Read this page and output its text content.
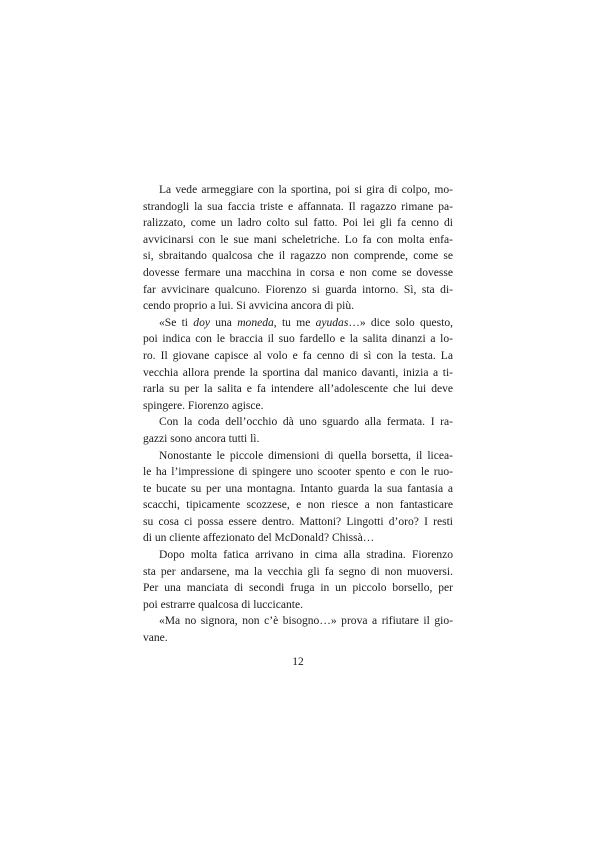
La vede armeggiare con la sportina, poi si gira di colpo, mo-
strandogli la sua faccia triste e affannata. Il ragazzo rimane pa-
ralizzato, come un ladro colto sul fatto. Poi lei gli fa cenno di
avvicinarsi con le sue mani scheletriche. Lo fa con molta enfa-
si, sbraitando qualcosa che il ragazzo non comprende, come se
dovesse fermare una macchina in corsa e non come se dovesse
far avvicinare qualcuno. Fiorenzo si guarda intorno. Sì, sta di-
cendo proprio a lui. Si avvicina ancora di più.
«Se ti doy una moneda, tu me ayudas…» dice solo questo,
poi indica con le braccia il suo fardello e la salita dinanzi a lo-
ro. Il giovane capisce al volo e fa cenno di sì con la testa. La
vecchia allora prende la sportina dal manico davanti, inizia a ti-
rarla su per la salita e fa intendere all’adolescente che lui deve
spingere. Fiorenzo agisce.
Con la coda dell’occhio dà uno sguardo alla fermata. I ra-
gazzi sono ancora tutti lì.
Nonostante le piccole dimensioni di quella borsetta, il licea-
le ha l’impressione di spingere uno scooter spento e con le ruo-
te bucate su per una montagna. Intanto guarda la sua fantasia a
scacchi, tipicamente scozzese, e non riesce a non fantasticare
su cosa ci possa essere dentro. Mattoni? Lingotti d’oro? I resti
di un cliente affezionato del McDonald? Chissà…
Dopo molta fatica arrivano in cima alla stradina. Fiorenzo
sta per andarsene, ma la vecchia gli fa segno di non muoversi.
Per una manciata di secondi fruga in un piccolo borsello, per
poi estrarre qualcosa di luccicante.
«Ma no signora, non c’è bisogno…» prova a rifiutare il gio-
vane.
12
